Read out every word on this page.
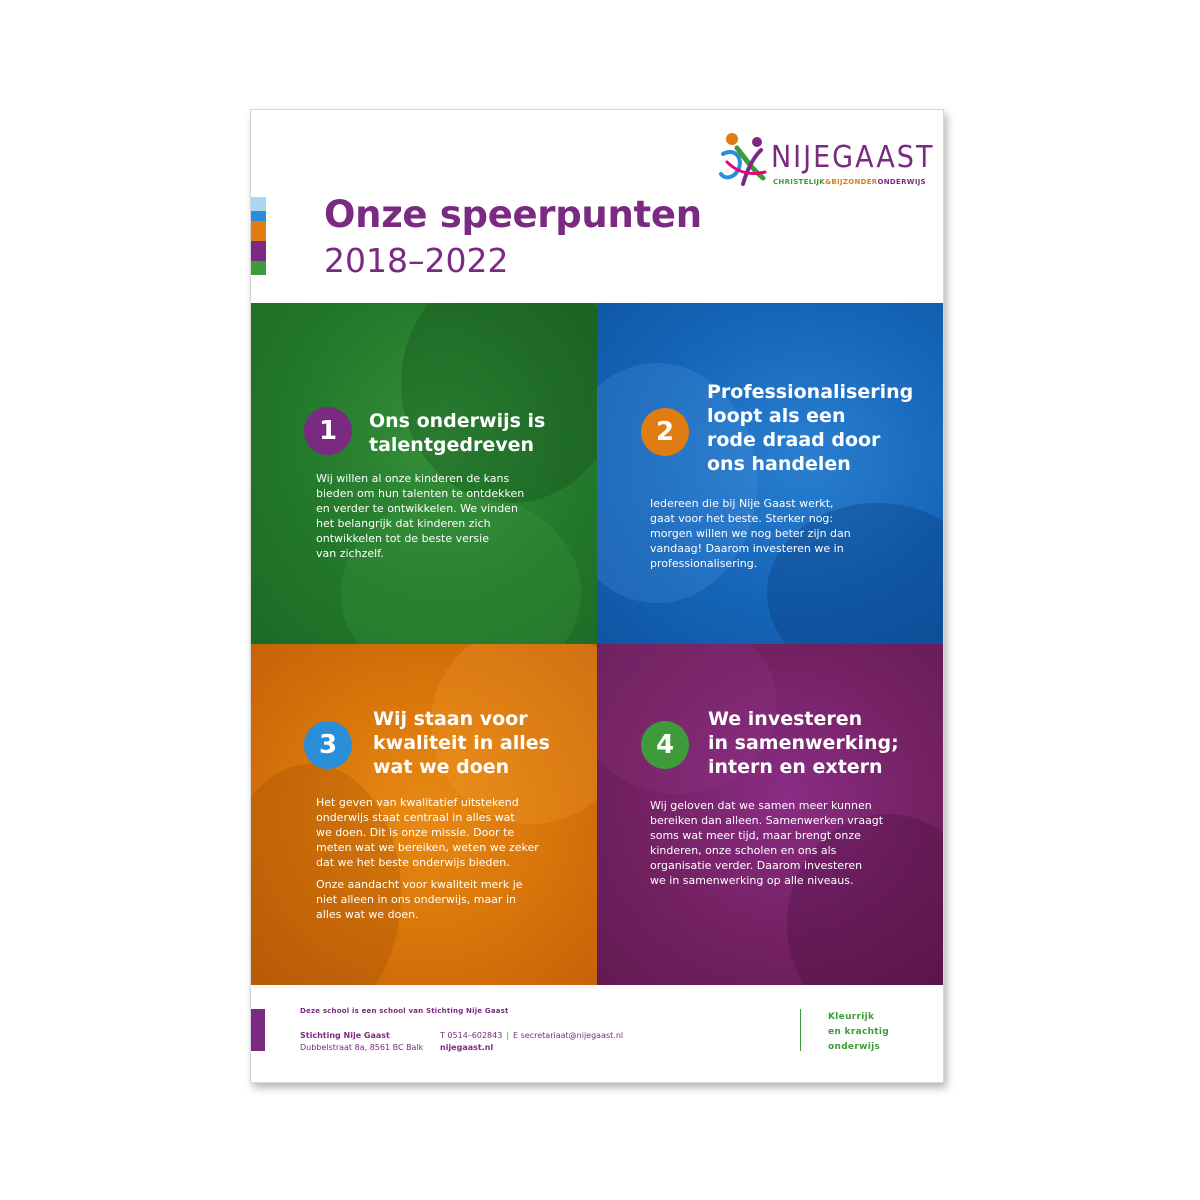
NIJEGAAST
CHRISTELIJK&BIJZONDERONDERWIJS
Onze speerpunten
2018–2022
1	Ons onderwijs is
talentgedreven
Wij willen al onze kinderen de kans
bieden om hun talenten te ontdekken
en verder te ontwikkelen. We vinden
het belangrijk dat kinderen zich
ontwikkelen tot de beste versie
van zichzelf.
2
Professionalisering
loopt als een
rode draad door
ons handelen
Iedereen die bij Nije Gaast werkt,
gaat voor het beste. Sterker nog:
morgen willen we nog beter zijn dan
vandaag! Daarom investeren we in
professionalisering.
3
Wij staan voor
kwaliteit in alles
wat we doen
Het geven van kwalitatief uitstekend
onderwijs staat centraal in alles wat
we doen. Dit is onze missie. Door te
meten wat we bereiken, weten we zeker
dat we het beste onderwijs bieden.
Onze aandacht voor kwaliteit merk je
niet alleen in ons onderwijs, maar in
alles wat we doen.
4
We investeren
in samenwerking;
intern en extern
Wij geloven dat we samen meer kunnen
bereiken dan alleen. Samenwerken vraagt
soms wat meer tijd, maar brengt onze
kinderen, onze scholen en ons als
organisatie verder. Daarom investeren
we in samenwerking op alle niveaus.
Deze school is een school van Stichting Nije Gaast
Stichting Nije Gaast
Dubbelstraat 8a, 8561 BC Balk
T 0514–602843 | E secretariaat@nijegaast.nl
nijegaast.nl
Kleurrijk
en krachtig
onderwijs
